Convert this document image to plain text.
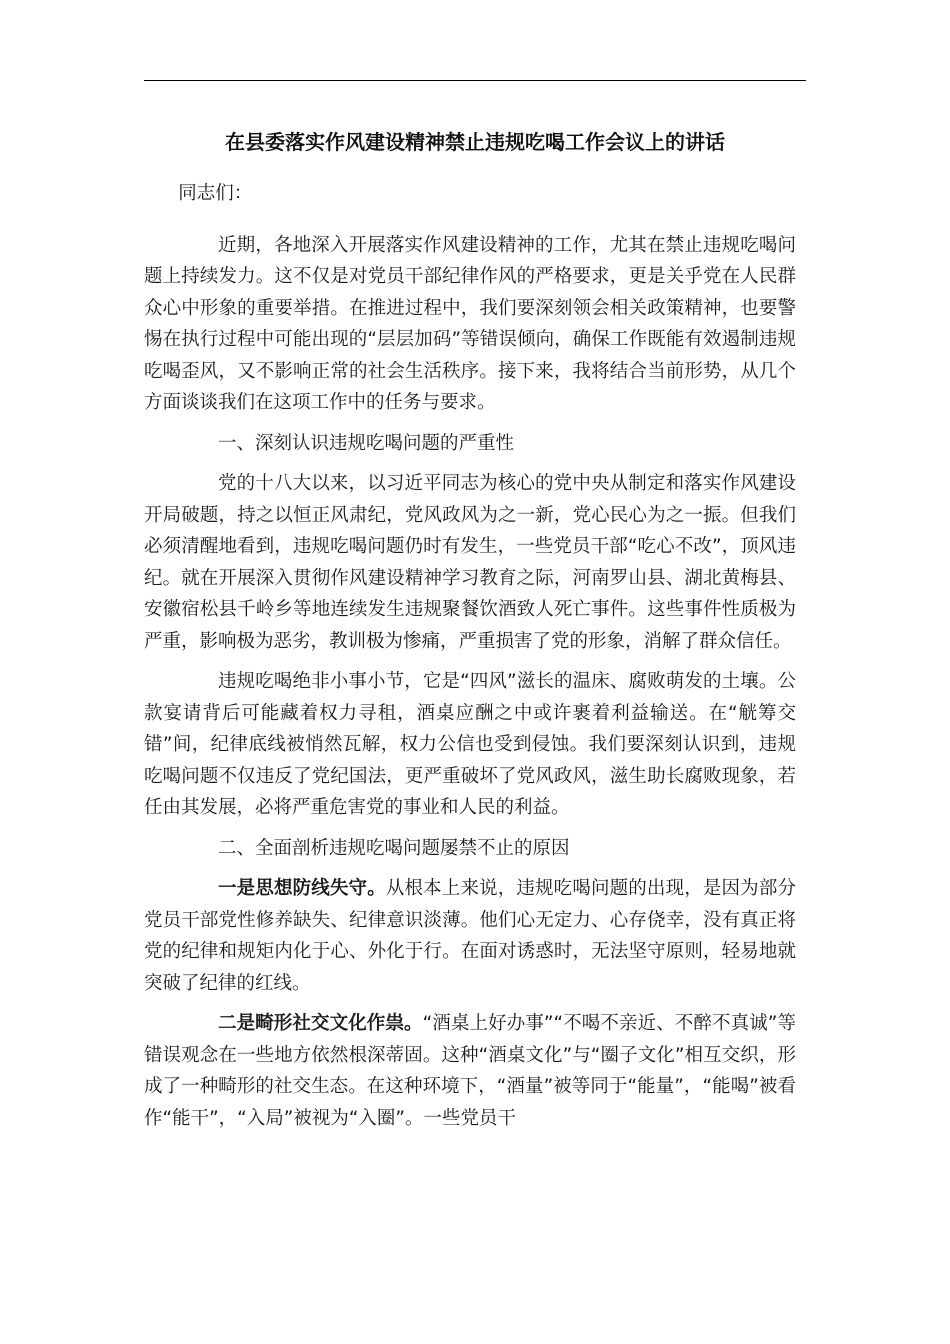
在县委落实作风建设精神禁止违规吃喝工作会议上的讲话

同志们：

近期，各地深入开展落实作风建设精神的工作，尤其在禁止违规吃喝问题上持续发力。这不仅是对党员干部纪律作风的严格要求，更是关乎党在人民群众心中形象的重要举措。在推进过程中，我们要深刻领会相关政策精神，也要警惕在执行过程中可能出现的“层层加码”等错误倾向，确保工作既能有效遏制违规吃喝歪风，又不影响正常的社会生活秩序。接下来，我将结合当前形势，从几个方面谈谈我们在这项工作中的任务与要求。

一、深刻认识违规吃喝问题的严重性

党的十八大以来，以习近平同志为核心的党中央从制定和落实作风建设开局破题，持之以恒正风肃纪，党风政风为之一新，党心民心为之一振。但我们必须清醒地看到，违规吃喝问题仍时有发生，一些党员干部“吃心不改”，顶风违纪。就在开展深入贯彻作风建设精神学习教育之际，河南罗山县、湖北黄梅县、安徽宿松县千岭乡等地连续发生违规聚餐饮酒致人死亡事件。这些事件性质极为严重，影响极为恶劣，教训极为惨痛，严重损害了党的形象，消解了群众信任。

违规吃喝绝非小事小节，它是“四风”滋长的温床、腐败萌发的土壤。公款宴请背后可能藏着权力寻租，酒桌应酬之中或许裹着利益输送。在“觥筹交错”间，纪律底线被悄然瓦解，权力公信也受到侵蚀。我们要深刻认识到，违规吃喝问题不仅违反了党纪国法，更严重破坏了党风政风，滋生助长腐败现象，若任由其发展，必将严重危害党的事业和人民的利益。

二、全面剖析违规吃喝问题屡禁不止的原因

一是思想防线失守。从根本上来说，违规吃喝问题的出现，是因为部分党员干部党性修养缺失、纪律意识淡薄。他们心无定力、心存侥幸，没有真正将党的纪律和规矩内化于心、外化于行。在面对诱惑时，无法坚守原则，轻易地就突破了纪律的红线。

二是畸形社交文化作祟。“酒桌上好办事”“不喝不亲近、不醉不真诚”等错误观念在一些地方依然根深蒂固。这种“酒桌文化”与“圈子文化”相互交织，形成了一种畸形的社交生态。在这种环境下，“酒量”被等同于“能量”，“能喝”被看作“能干”，“入局”被视为“入圈”。一些党员干
